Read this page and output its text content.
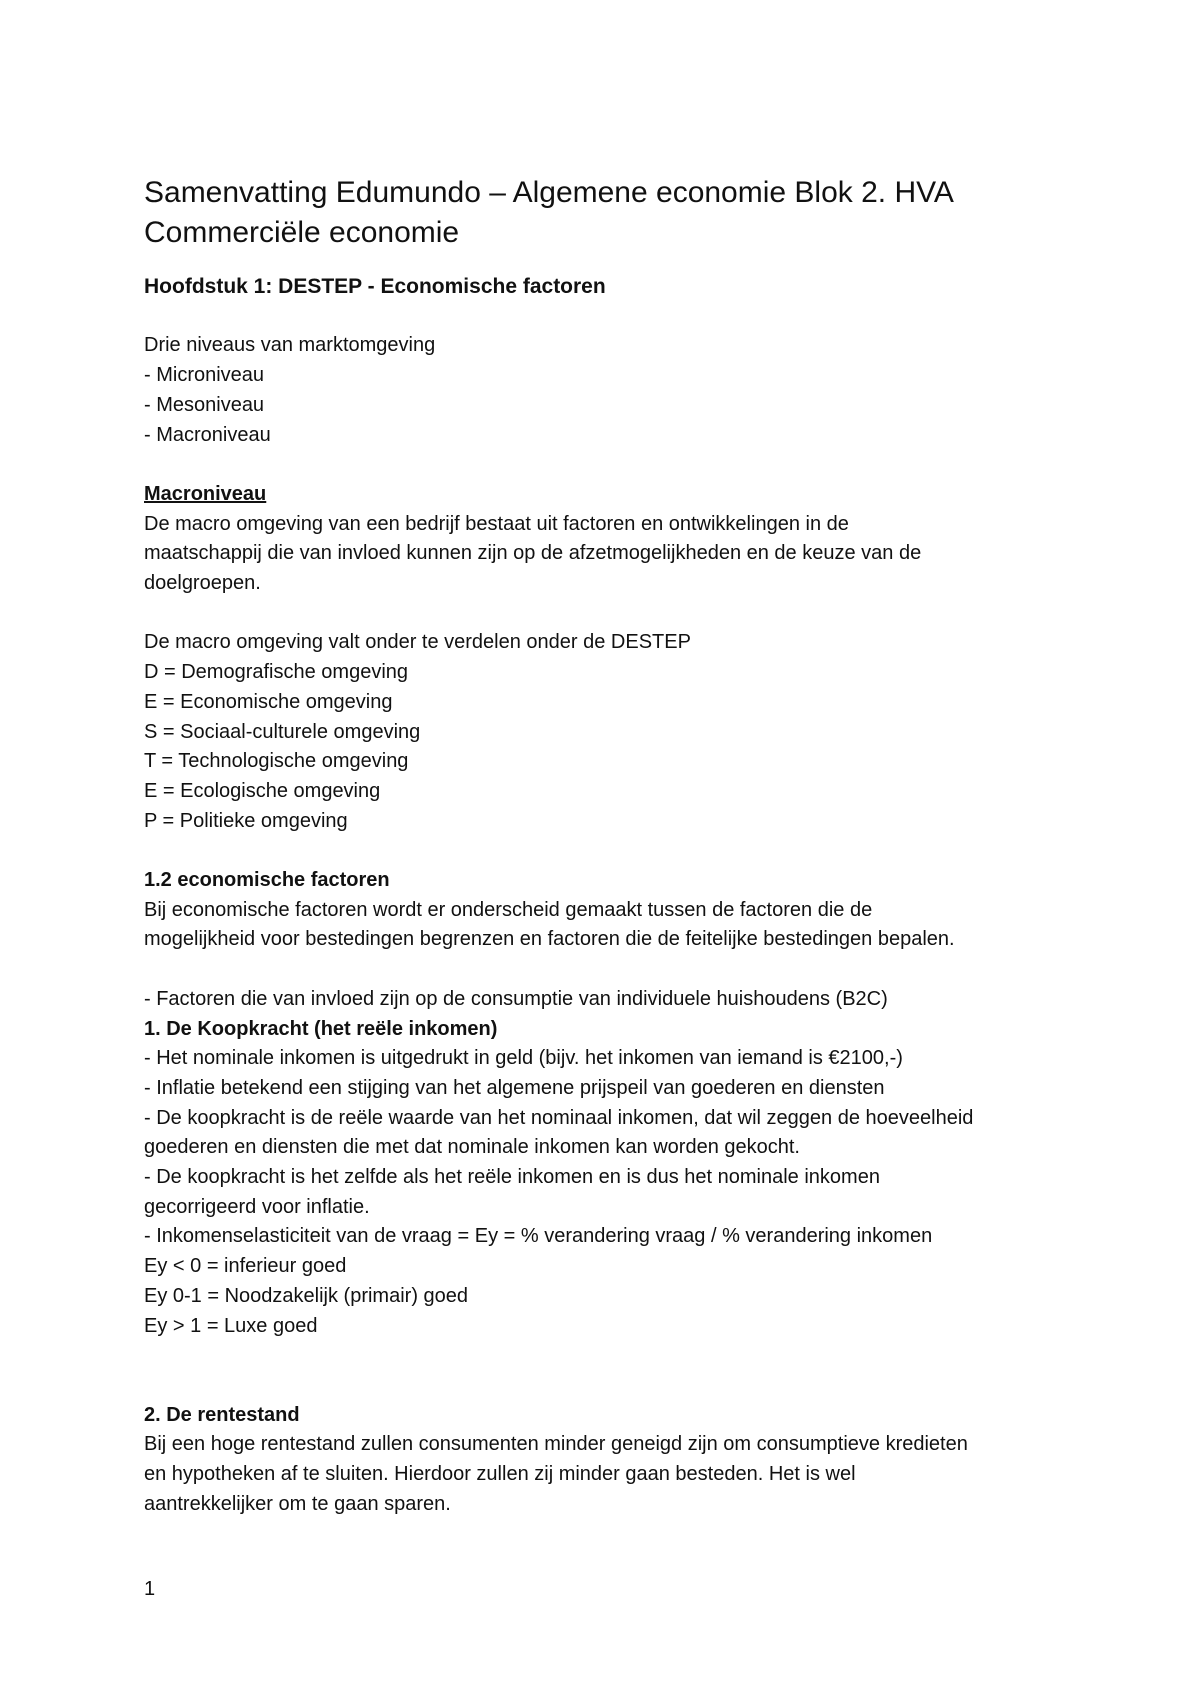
Samenvatting Edumundo – Algemene economie Blok 2. HVA
Commerciële economie
Hoofdstuk 1: DESTEP - Economische factoren
Drie niveaus van marktomgeving
- Microniveau
- Mesoniveau
- Macroniveau
Macroniveau
De macro omgeving van een bedrijf bestaat uit factoren en ontwikkelingen in de
maatschappij die van invloed kunnen zijn op de afzetmogelijkheden en de keuze van de
doelgroepen.
De macro omgeving valt onder te verdelen onder de DESTEP
D = Demografische omgeving
E = Economische omgeving
S = Sociaal-culturele omgeving
T = Technologische omgeving
E = Ecologische omgeving
P = Politieke omgeving
1.2 economische factoren
Bij economische factoren wordt er onderscheid gemaakt tussen de factoren die de
mogelijkheid voor bestedingen begrenzen en factoren die de feitelijke bestedingen bepalen.
- Factoren die van invloed zijn op de consumptie van individuele huishoudens (B2C)
1. De Koopkracht (het reële inkomen)
- Het nominale inkomen is uitgedrukt in geld (bijv. het inkomen van iemand is €2100,-)
- Inflatie betekend een stijging van het algemene prijspeil van goederen en diensten
- De koopkracht is de reële waarde van het nominaal inkomen, dat wil zeggen de hoeveelheid
goederen en diensten die met dat nominale inkomen kan worden gekocht.
- De koopkracht is het zelfde als het reële inkomen en is dus het nominale inkomen
gecorrigeerd voor inflatie.
- Inkomenselasticiteit van de vraag = Ey = % verandering vraag / % verandering inkomen
Ey < 0 = inferieur goed
Ey 0-1 = Noodzakelijk (primair) goed
Ey > 1 = Luxe goed
2. De rentestand
Bij een hoge rentestand zullen consumenten minder geneigd zijn om consumptieve kredieten
en hypotheken af te sluiten. Hierdoor zullen zij minder gaan besteden. Het is wel
aantrekkelijker om te gaan sparen.
1
